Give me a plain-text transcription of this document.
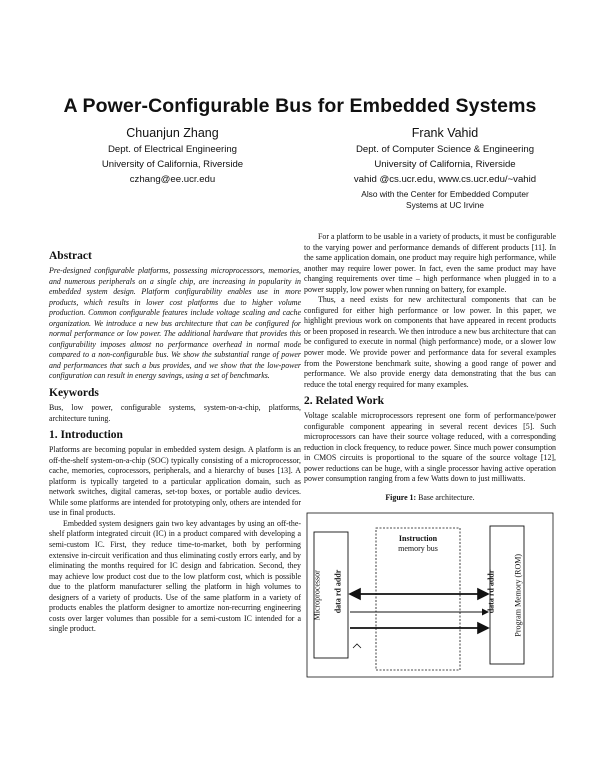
A Power-Configurable Bus for Embedded Systems
Chuanjun Zhang
Dept. of Electrical Engineering
University of California, Riverside
czhang@ee.ucr.edu
Frank Vahid
Dept. of Computer Science & Engineering
University of California, Riverside
vahid @cs.ucr.edu, www.cs.ucr.edu/~vahid
Also with the Center for Embedded Computer
Systems at UC Irvine
Abstract

Pre-designed configurable platforms, possessing microprocessors, memories, and numerous peripherals on a single chip, are increasing in popularity in embedded system design. Platform configurability enables use in more products, which results in lower cost platforms due to higher volume production. Common configurable features include voltage scaling and cache organization. We introduce a new bus architecture that can be configured for normal performance or low power. The additional hardware that provides this configurability imposes almost no performance overhead in normal mode compared to a non-configurable bus. We show the substantial range of power and performances that such a bus provides, and we show that the low-power configuration can result in energy savings, using a set of benchmarks.

Keywords

Bus, low power, configurable systems, system-on-a-chip, platforms, architecture tuning.

1. Introduction

Platforms are becoming popular in embedded system design. A platform is an off-the-shelf system-on-a-chip (SOC) typically consisting of a microprocessor, cache, memories, coprocessors, peripherals, and a hierarchy of buses [13]. A platform is typically targeted to a particular application domain, such as network switches, digital cameras, set-top boxes, or portable audio devices. While some platforms are intended for prototyping only, others are intended for use in final products.

Embedded system designers gain two key advantages by using an off-the-shelf platform integrated circuit (IC) in a product compared with developing a semi-custom IC. First, they reduce time-to-market, both by performing extensive in-circuit verification and thus eliminating costly errors early, and by eliminating the months required for IC design and fabrication. Second, they may achieve low product cost due to the low platform cost, which is possible due to the platform manufacturer selling the platform in high volumes to designers of a variety of products. Use of the same platform in a variety of products enables the platform designer to amortize non-recurring engineering costs over larger volumes than possible for a semi-custom IC intended for a single product.

For a platform to be usable in a variety of products, it must be configurable to the varying power and performance demands of different products [11]. In the same application domain, one product may require high performance, while another may require lower power. In fact, even the same product may have changing requirements over time – high performance when plugged in to a power supply, low power when running on battery, for example.

Thus, a need exists for new architectural components that can be configured for either high performance or low power. In this paper, we highlight previous work on components that have appeared in recent products or been proposed in research. We then introduce a new bus architecture that can be configured to execute in normal (high performance) mode, or a slower low power mode. We provide power and performance data for several examples from the Powerstone benchmark suite, showing a good range of power and performance. We also provide energy data demonstrating that the bus can reduce the total energy required for many examples.

2. Related Work

Voltage scalable microprocessors represent one form of performance/power configurable component appearing in several recent devices [5]. Such microprocessors can have their source voltage reduced, with a corresponding reduction in clock frequency, to reduce power. Since much power consumption in CMOS circuits is proportional to the square of the source voltage [12], power reductions can be huge, with a single processor having active operation power consumption ranging from a few Watts down to just milliwatts.

Figure 1: Base architecture.
Microprocessor data rd addr
Instruction
memory bus
data rd addr Program Memory (ROM)
